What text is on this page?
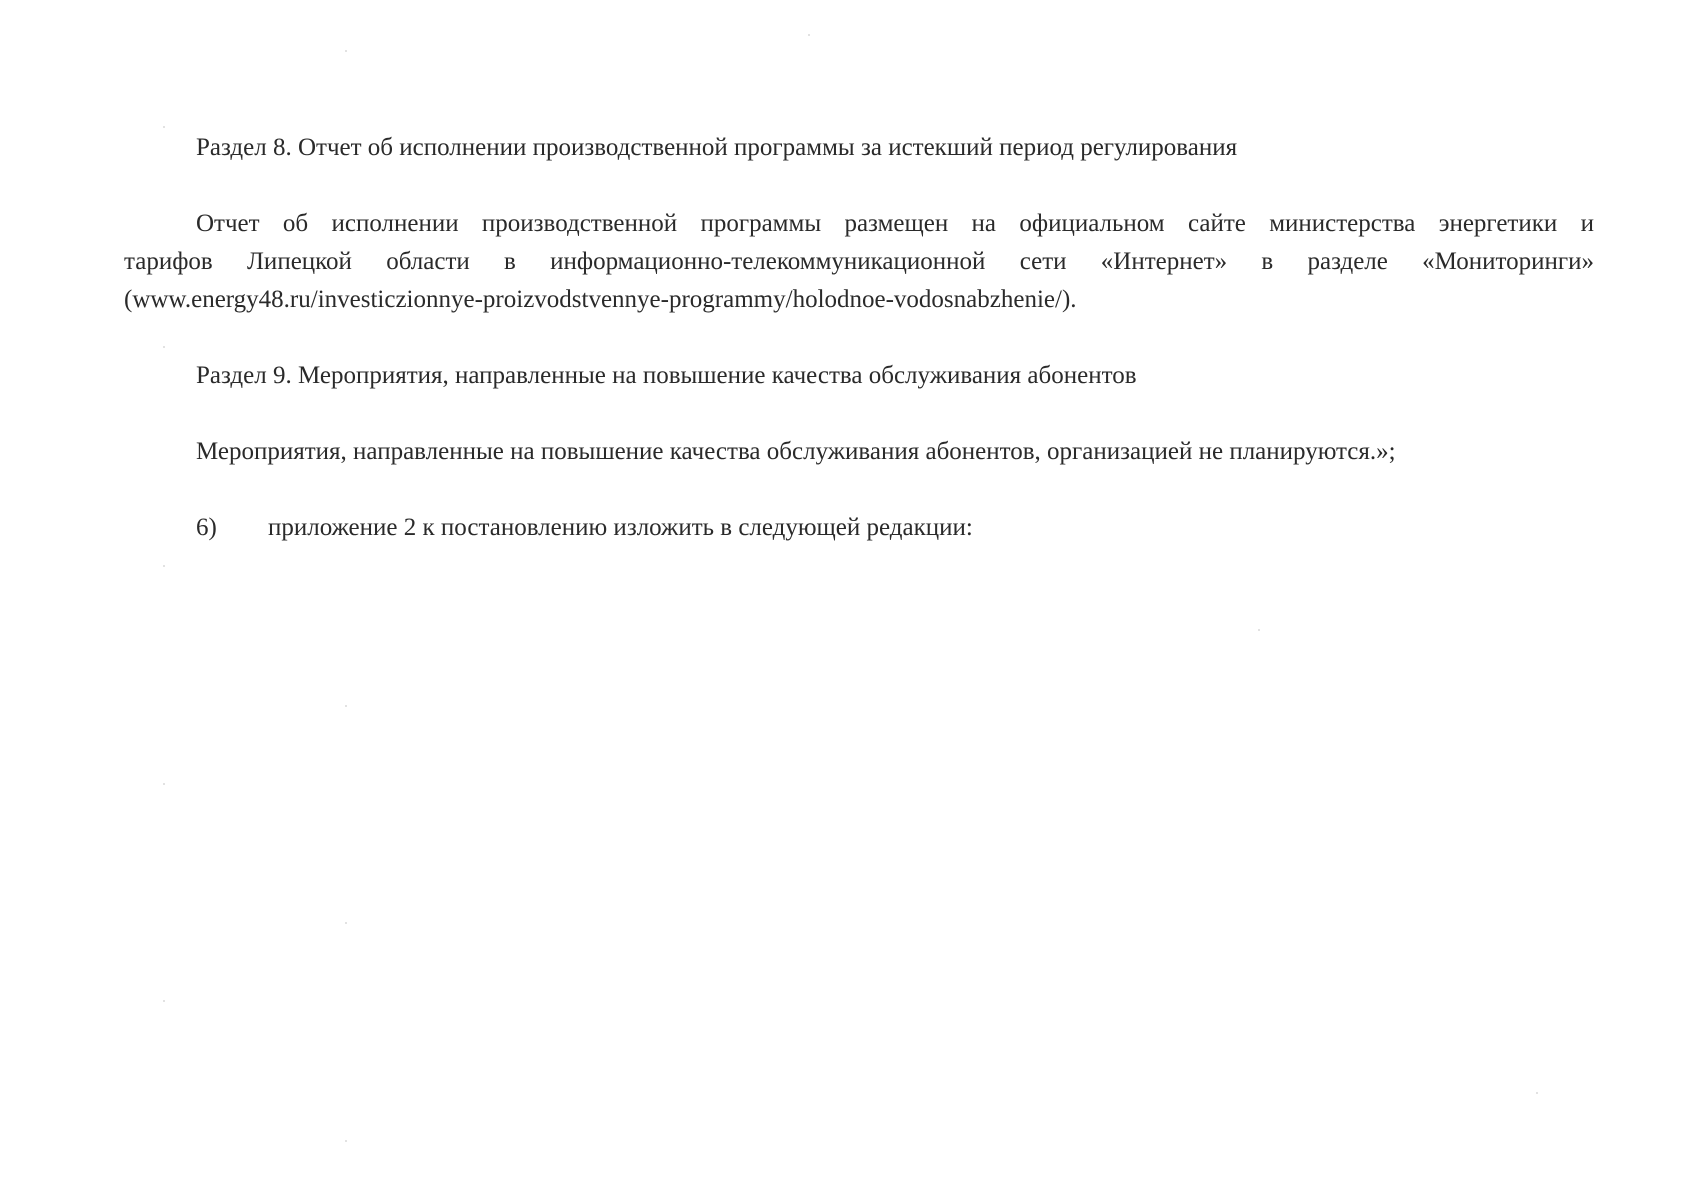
Раздел 8. Отчет об исполнении производственной программы за истекший период регулирования
Отчет об исполнении производственной программы размещен на официальном сайте министерства энергетики и
тарифов Липецкой области в информационно-телекоммуникационной сети «Интернет» в разделе «Мониторинги»
(www.energy48.ru/investiczionnye-proizvodstvennye-programmy/holodnoe-vodosnabzhenie/).
Раздел 9. Мероприятия, направленные на повышение качества обслуживания абонентов
Мероприятия, направленные на повышение качества обслуживания абонентов, организацией не планируются.»;
6) приложение 2 к постановлению изложить в следующей редакции:
